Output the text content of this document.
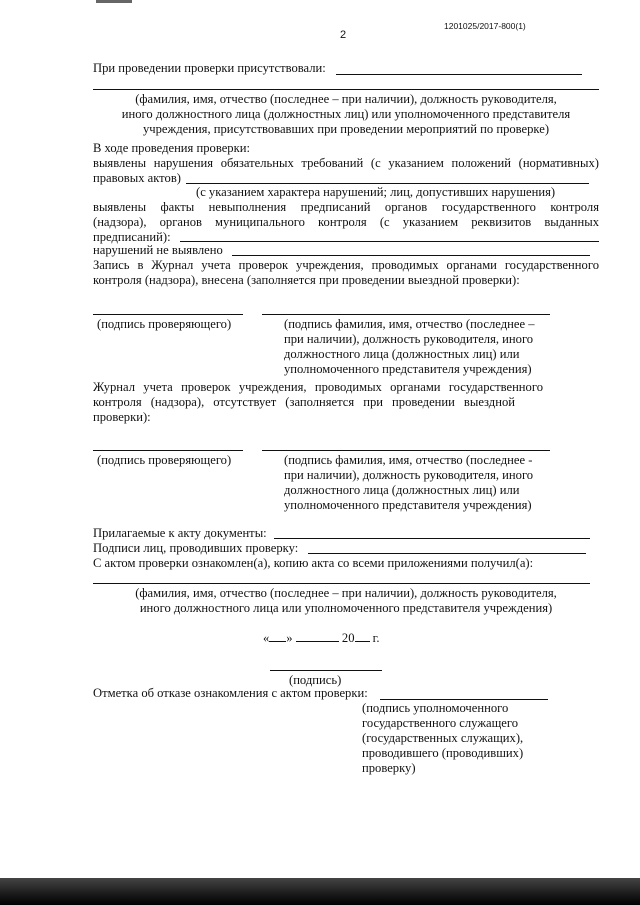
1201025/2017-800(1)
2
При проведении проверки присутствовали:
(фамилия, имя, отчество (последнее – при наличии), должность руководителя,
иного должностного лица (должностных лиц) или уполномоченного представителя
учреждения, присутствовавших при проведении мероприятий по проверке)
В ходе проведения проверки:
выявлены нарушения обязательных требований (с указанием положений (нормативных)
правовых актов)
(с указанием характера нарушений; лиц, допустивших нарушения)
выявлены факты невыполнения предписаний органов государственного контроля
(надзора), органов муниципального контроля (с указанием реквизитов выданных
предписаний):
нарушений не выявлено
Запись в Журнал учета проверок учреждения, проводимых органами государственного
контроля (надзора), внесена (заполняется при проведении выездной проверки):
(подпись проверяющего)	(подпись фамилия, имя, отчество (последнее –
при наличии), должность руководителя, иного
должностного лица (должностных лиц) или
уполномоченного представителя учреждения)
Журнал учета проверок учреждения, проводимых органами государственного
контроля (надзора), отсутствует (заполняется при проведении выездной
проверки):
(подпись проверяющего)	(подпись фамилия, имя, отчество (последнее -
при наличии), должность руководителя, иного
должностного лица (должностных лиц) или
уполномоченного представителя учреждения)
Прилагаемые к акту документы:
Подписи лиц, проводивших проверку:
С актом проверки ознакомлен(а), копию акта со всеми приложениями получил(а):
(фамилия, имя, отчество (последнее – при наличии), должность руководителя,
иного должностного лица или уполномоченного представителя учреждения)
« »	20 г.
(подпись)
Отметка об отказе ознакомления с актом проверки:
(подпись уполномоченного
государственного служащего
(государственных служащих),
проводившего (проводивших)
проверку)
